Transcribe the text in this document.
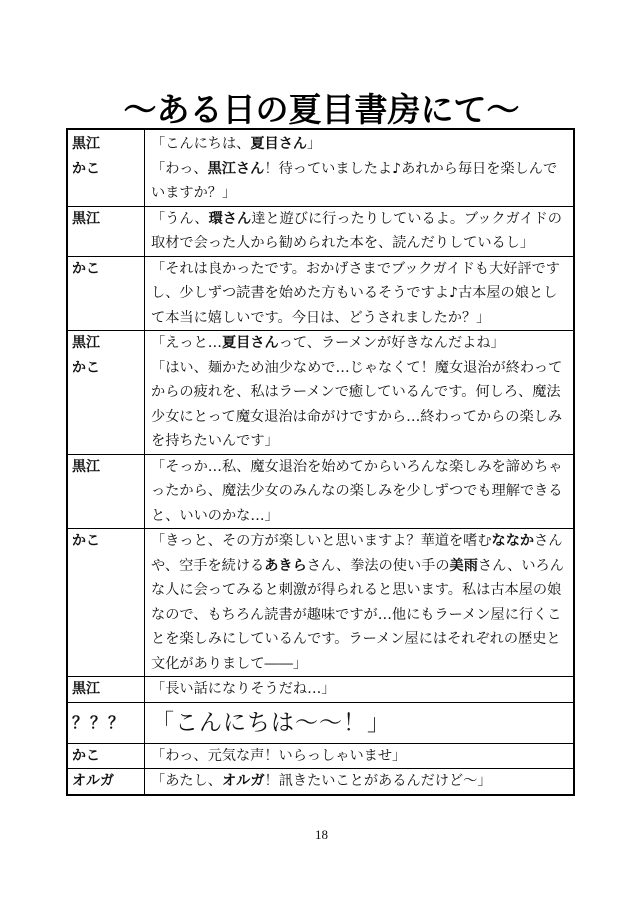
〜ある日の夏目書房にて〜
黒江	「こんにちは、夏目さん」
かこ	「わっ、黒江さん！待っていましたよ♪あれから毎日を楽しんでいますか？」
黒江	「うん、環さん達と遊びに行ったりしているよ。ブックガイドの取材で会った人から勧められた本を、読んだりしているし」
かこ	「それは良かったです。おかげさまでブックガイドも大好評ですし、少しずつ読書を始めた方もいるそうですよ♪古本屋の娘として本当に嬉しいです。今日は、どうされましたか？」
黒江	「えっと…夏目さんって、ラーメンが好きなんだよね」
かこ	「はい、麺かため油少なめで…じゃなくて！魔女退治が終わってからの疲れを、私はラーメンで癒しているんです。何しろ、魔法少女にとって魔女退治は命がけですから…終わってからの楽しみを持ちたいんです」
黒江	「そっか…私、魔女退治を始めてからいろんな楽しみを諦めちゃったから、魔法少女のみんなの楽しみを少しずつでも理解できると、いいのかな…」
かこ	「きっと、その方が楽しいと思いますよ？華道を嗜むななかさんや、空手を続けるあきらさん、拳法の使い手の美雨さん、いろんな人に会ってみると刺激が得られると思います。私は古本屋の娘なので、もちろん読書が趣味ですが…他にもラーメン屋に行くことを楽しみにしているんです。ラーメン屋にはそれぞれの歴史と文化がありまして――」
黒江	「長い話になりそうだね…」
？？？	「こんにちは〜〜！」
かこ	「わっ、元気な声！いらっしゃいませ」
オルガ	「あたし、オルガ！訊きたいことがあるんだけど〜」
18
